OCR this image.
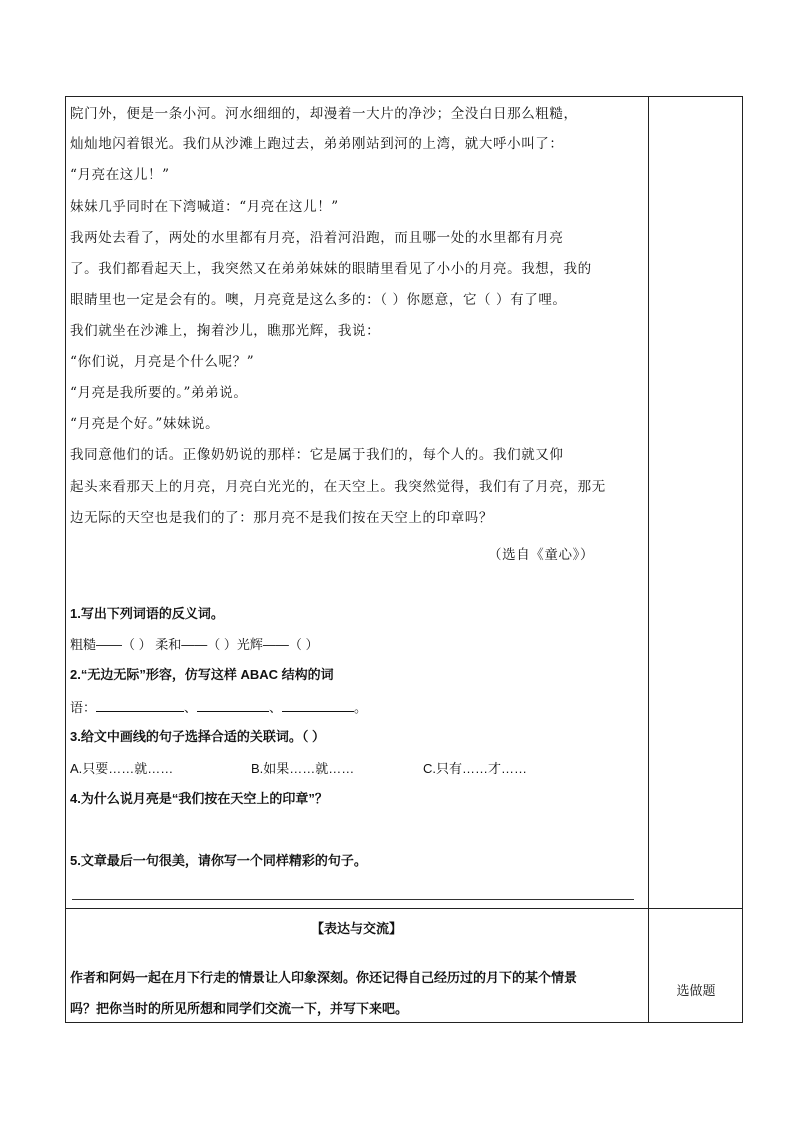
院门外，便是一条小河。河水细细的，却漫着一大片的净沙；全没白日那么粗糙，
灿灿地闪着银光。我们从沙滩上跑过去，弟弟刚站到河的上湾，就大呼小叫了：
“月亮在这儿！”
妹妹几乎同时在下湾喊道：“月亮在这儿！”
我两处去看了，两处的水里都有月亮，沿着河沿跑，而且哪一处的水里都有月亮
了。我们都看起天上，我突然又在弟弟妹妹的眼睛里看见了小小的月亮。我想，我的
眼睛里也一定是会有的。噢，月亮竟是这么多的：（ ）你愿意，它（ ）有了哩。
我们就坐在沙滩上，掬着沙儿，瞧那光辉，我说：
“你们说，月亮是个什么呢？”
“月亮是我所要的。”弟弟说。
“月亮是个好。”妹妹说。
我同意他们的话。正像奶奶说的那样：它是属于我们的，每个人的。我们就又仰
起头来看那天上的月亮，月亮白光光的，在天空上。我突然觉得，我们有了月亮，那无
边无际的天空也是我们的了：那月亮不是我们按在天空上的印章吗？
（选自《童心》）
1.写出下列词语的反义词。
粗糙——（ ） 柔和——（ ）光辉——（ ）
2.“无边无际”形容，仿写这样 ABAC 结构的词
语：	、	、	。
3.给文中画线的句子选择合适的关联词。（ ）
A.只要……就……	B.如果……就……	C.只有……才……
4.为什么说月亮是“我们按在天空上的印章”？
5.文章最后一句很美，请你写一个同样精彩的句子。
【表达与交流】
作者和阿妈一起在月下行走的情景让人印象深刻。你还记得自己经历过的月下的某个情景
吗？把你当时的所见所想和同学们交流一下，并写下来吧。
选做题
